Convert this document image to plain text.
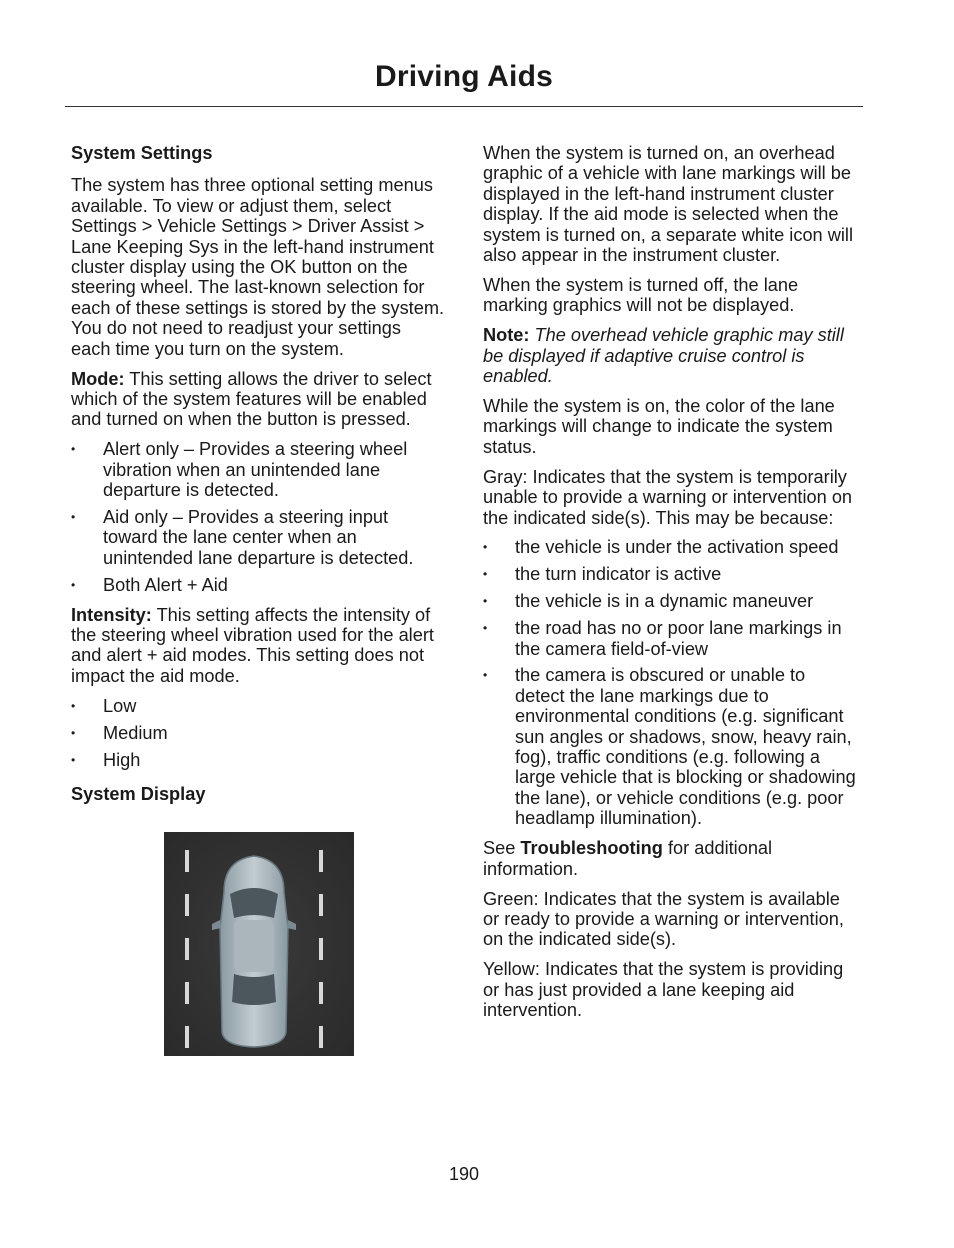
Driving Aids
System Settings

The system has three optional setting menus available. To view or adjust them, select Settings > Vehicle Settings > Driver Assist > Lane Keeping Sys in the left-hand instrument cluster display using the OK button on the steering wheel. The last-known selection for each of these settings is stored by the system. You do not need to readjust your settings each time you turn on the system.

Mode: This setting allows the driver to select which of the system features will be enabled and turned on when the button is pressed.

• Alert only – Provides a steering wheel vibration when an unintended lane departure is detected.
• Aid only – Provides a steering input toward the lane center when an unintended lane departure is detected.
• Both Alert + Aid

Intensity: This setting affects the intensity of the steering wheel vibration used for the alert and alert + aid modes. This setting does not impact the aid mode.

• Low
• Medium
• High
System Display

When the system is turned on, an overhead graphic of a vehicle with lane markings will be displayed in the left-hand instrument cluster display. If the aid mode is selected when the system is turned on, a separate white icon will also appear in the instrument cluster.

When the system is turned off, the lane marking graphics will not be displayed.

Note: The overhead vehicle graphic may still be displayed if adaptive cruise control is enabled.

While the system is on, the color of the lane markings will change to indicate the system status.

Gray: Indicates that the system is temporarily unable to provide a warning or intervention on the indicated side(s). This may be because:

• the vehicle is under the activation speed
• the turn indicator is active
• the vehicle is in a dynamic maneuver
• the road has no or poor lane markings in the camera field-of-view
• the camera is obscured or unable to detect the lane markings due to environmental conditions (e.g. significant sun angles or shadows, snow, heavy rain, fog), traffic conditions (e.g. following a large vehicle that is blocking or shadowing the lane), or vehicle conditions (e.g. poor headlamp illumination).

See Troubleshooting for additional information.

Green: Indicates that the system is available or ready to provide a warning or intervention, on the indicated side(s).

Yellow: Indicates that the system is providing or has just provided a lane keeping aid intervention.

190
